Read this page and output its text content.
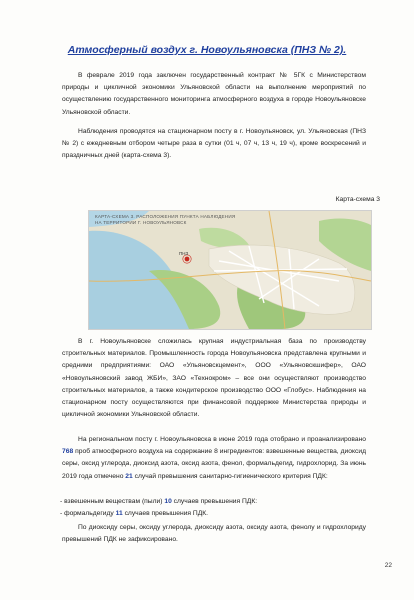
Атмосферный воздух г. Новоульяновска (ПНЗ № 2).
В феврале 2019 года заключен государственный контракт № 5ГК с Министерством природы и цикличной экономики Ульяновской области на выполнение мероприятий по осуществлению государственного мониторинга атмосферного воздуха в городе Новоульяновске Ульяновской области.
Наблюдения проводятся на стационарном посту в г. Новоульяновск, ул. Ульяновская (ПНЗ № 2) с ежедневным отбором четыре раза в сутки (01 ч, 07 ч, 13 ч, 19 ч), кроме воскресений и праздничных дней (карта-схема 3).
Карта-схема 3
КАРТА-СХЕМА 3. РАСПОЛОЖЕНИЯ ПУНКТА НАБЛЮДЕНИЯ
НА ТЕРРИТОРИИ Г. НОВОУЛЬЯНОВСК
ПНЗ
В г. Новоульяновске сложилась крупная индустриальная база по производству строительных материалов. Промышленность города Новоульяновска представлена крупными и средними предприятиями: ОАО «Ульяновскцемент», ООО «Ульяновскшифер», ОАО «Новоульяновский завод ЖБИ», ЗАО «Технокром» – все они осуществляют производство строительных материалов, а также кондитерское производство ООО «Глобус». Наблюдения на стационарном посту осуществляются при финансовой поддержке Министерства природы и цикличной экономики Ульяновской области.
На региональном посту г. Новоульяновска в июне 2019 года отобрано и проанализировано 768 проб атмосферного воздуха на содержание 8 ингредиентов: взвешенные вещества, диоксид серы, оксид углерода, диоксид азота, оксид азота, фенол, формальдегид, гидрохлорид. За июнь 2019 года отмечено 21 случай превышения санитарно-гигиенического критерия ПДК:
- взвешенным веществам (пыли) 10 случаев превышения ПДК:
- формальдегиду 11 случаев превышения ПДК.
По диоксиду серы, оксиду углерода, диоксиду азота, оксиду азота, фенолу и гидрохлориду превышений ПДК не зафиксировано.
22
